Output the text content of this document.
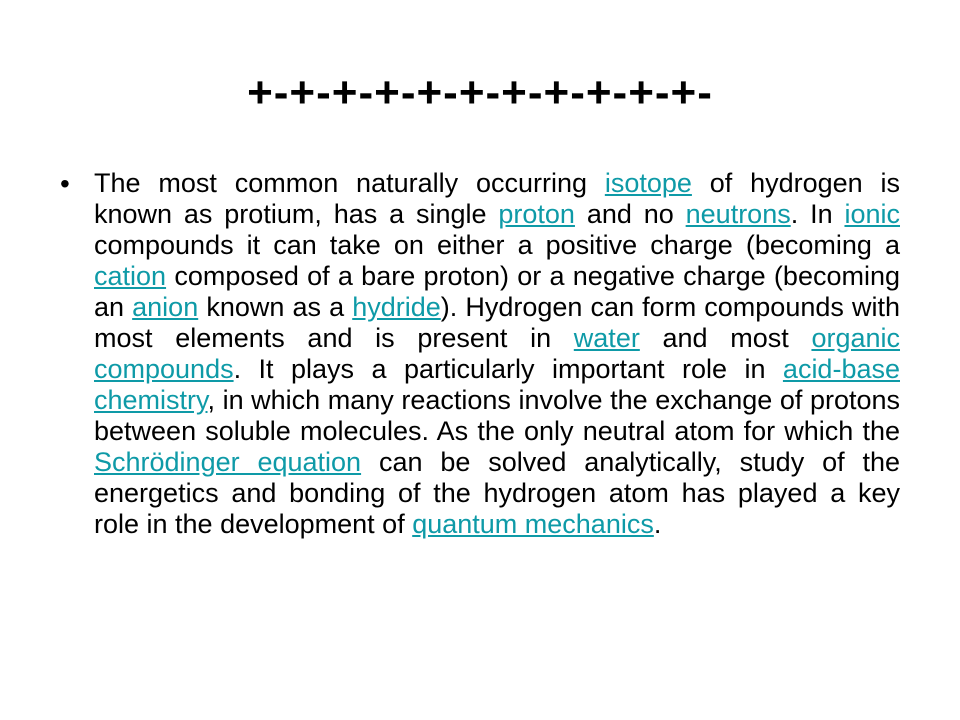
+-+-+-+-+-+-+-+-+-+-+-
• The most common naturally occurring isotope of hydrogen is known as protium, has a single proton and no neutrons. In ionic compounds it can take on either a positive charge (becoming a cation composed of a bare proton) or a negative charge (becoming an anion known as a hydride). Hydrogen can form compounds with most elements and is present in water and most organic compounds. It plays a particularly important role in acid-base chemistry, in which many reactions involve the exchange of protons between soluble molecules. As the only neutral atom for which the Schrödinger equation can be solved analytically, study of the energetics and bonding of the hydrogen atom has played a key role in the development of quantum mechanics.
